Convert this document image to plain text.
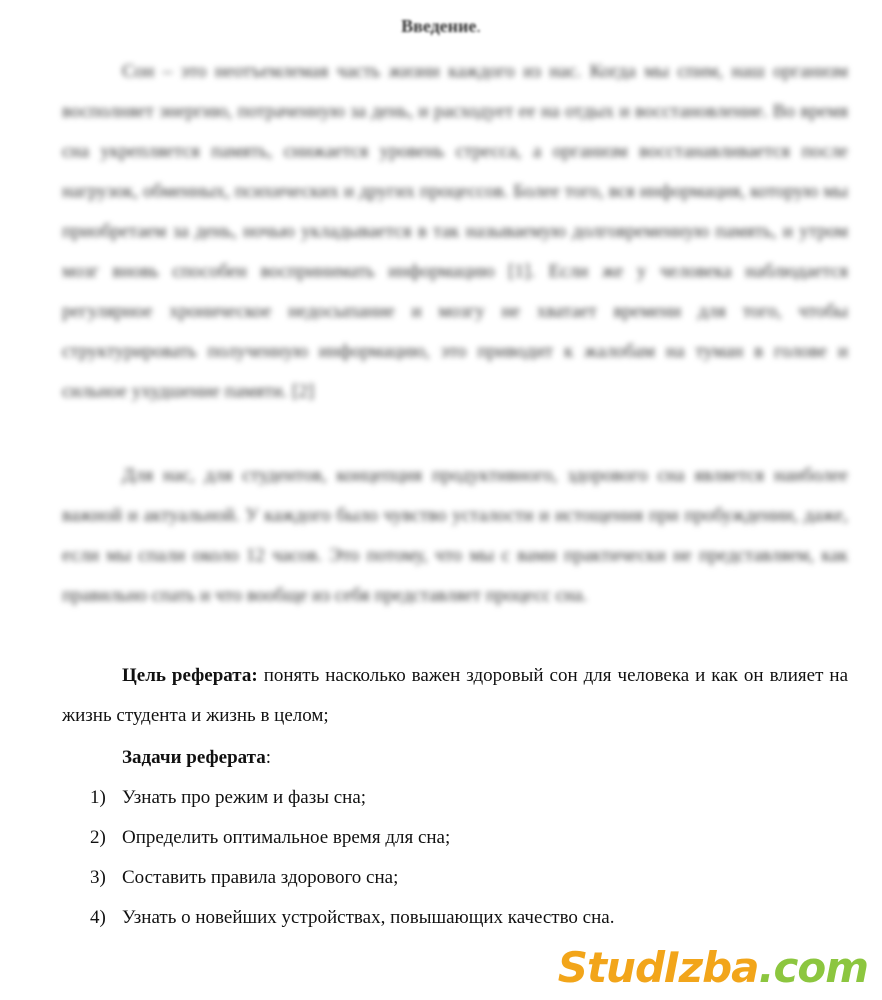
Введение.

Сон – это неотъемлемая часть жизни каждого из нас. Когда мы спим, наш организм восполняет энергию, потраченную за день, и расходует ее на отдых и восстановление. Во время сна укрепляется память, снижается уровень стресса, а организм восстанавливается после нагрузок, обменных, психических и других процессов. Более того, вся информация, которую мы приобретаем за день, ночью укладывается в так называемую долговременную память, и утром мозг вновь способен воспринимать информацию [1]. Если же у человека наблюдается регулярное хроническое недосыпание и мозгу не хватает времени для того, чтобы структурировать полученную информацию, это приводит к жалобам на туман в голове и сильное ухудшение памяти. [2]

Для нас, для студентов, концепция продуктивного, здорового сна является наиболее важной и актуальной. У каждого было чувство усталости и истощения при пробуждении, даже, если мы спали около 12 часов. Это потому, что мы с вами практически не представляем, как правильно спать и что вообще из себя представляет процесс сна.

Цель реферата: понять насколько важен здоровый сон для человека и как он влияет на жизнь студента и жизнь в целом;

Задачи реферата:

1) Узнать про режим и фазы сна;
2) Определить оптимальное время для сна;
3) Составить правила здорового сна;
4) Узнать о новейших устройствах, повышающих качество сна.
StudIzba.com
